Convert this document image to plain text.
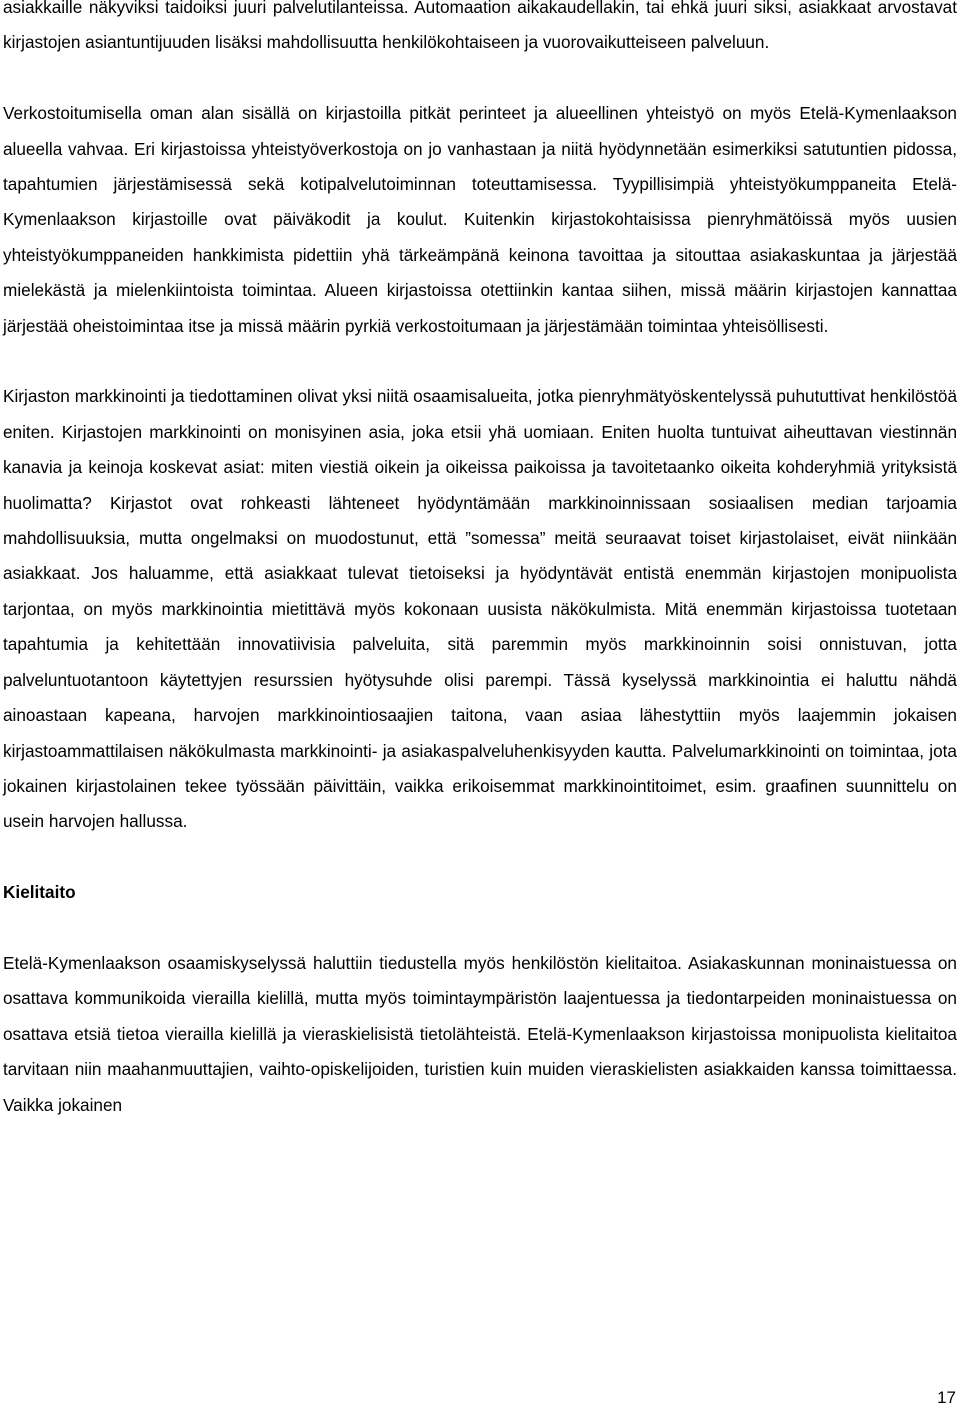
asiakkaille näkyviksi taidoiksi juuri palvelutilanteissa. Automaation aikakaudellakin, tai ehkä juuri siksi, asiakkaat arvostavat kirjastojen asiantuntijuuden lisäksi mahdollisuutta henkilökohtaiseen ja vuorovaikutteiseen palveluun.

Verkostoitumisella oman alan sisällä on kirjastoilla pitkät perinteet ja alueellinen yhteistyö on myös Etelä-Kymenlaakson alueella vahvaa. Eri kirjastoissa yhteistyöverkostoja on jo vanhastaan ja niitä hyödynnetään esimerkiksi satutuntien pidossa, tapahtumien järjestämisessä sekä kotipalvelutoiminnan toteuttamisessa. Tyypillisimpiä yhteistyökumppaneita Etelä-Kymenlaakson kirjastoille ovat päiväkodit ja koulut. Kuitenkin kirjastokohtaisissa pienryhmätöissä myös uusien yhteistyökumppaneiden hankkimista pidettiin yhä tärkeämpänä keinona tavoittaa ja sitouttaa asiakaskuntaa ja järjestää mielekästä ja mielenkiintoista toimintaa. Alueen kirjastoissa otettiinkin kantaa siihen, missä määrin kirjastojen kannattaa järjestää oheistoimintaa itse ja missä määrin pyrkiä verkostoitumaan ja järjestämään toimintaa yhteisöllisesti.

Kirjaston markkinointi ja tiedottaminen olivat yksi niitä osaamisalueita, jotka pienryhmätyöskentelyssä puhututtivat henkilöstöä eniten. Kirjastojen markkinointi on monisyinen asia, joka etsii yhä uomiaan. Eniten huolta tuntuivat aiheuttavan viestinnän kanavia ja keinoja koskevat asiat: miten viestiä oikein ja oikeissa paikoissa ja tavoitetaanko oikeita kohderyhmiä yrityksistä huolimatta? Kirjastot ovat rohkeasti lähteneet hyödyntämään markkinoinnissaan sosiaalisen median tarjoamia mahdollisuuksia, mutta ongelmaksi on muodostunut, että ”somessa” meitä seuraavat toiset kirjastolaiset, eivät niinkään asiakkaat. Jos haluamme, että asiakkaat tulevat tietoiseksi ja hyödyntävät entistä enemmän kirjastojen monipuolista tarjontaa, on myös markkinointia mietittävä myös kokonaan uusista näkökulmista. Mitä enemmän kirjastoissa tuotetaan tapahtumia ja kehitettään innovatiivisia palveluita, sitä paremmin myös markkinoinnin soisi onnistuvan, jotta palveluntuotantoon käytettyjen resurssien hyötysuhde olisi parempi. Tässä kyselyssä markkinointia ei haluttu nähdä ainoastaan kapeana, harvojen markkinointiosaajien taitona, vaan asiaa lähestyttiin myös laajemmin jokaisen kirjastoammattilaisen näkökulmasta markkinointi- ja asiakaspalveluhenkisyyden kautta. Palvelumarkkinointi on toimintaa, jota jokainen kirjastolainen tekee työssään päivittäin, vaikka erikoisemmat markkinointitoimet, esim. graafinen suunnittelu on usein harvojen hallussa.

Kielitaito

Etelä-Kymenlaakson osaamiskyselyssä haluttiin tiedustella myös henkilöstön kielitaitoa. Asiakaskunnan moninaistuessa on osattava kommunikoida vierailla kielillä, mutta myös toimintaympäristön laajentuessa ja tiedontarpeiden moninaistuessa on osattava etsiä tietoa vierailla kielillä ja vieraskielisistä tietolähteistä. Etelä-Kymenlaakson kirjastoissa monipuolista kielitaitoa tarvitaan niin maahanmuuttajien, vaihto-opiskelijoiden, turistien kuin muiden vieraskielisten asiakkaiden kanssa toimittaessa. Vaikka jokainen

17
